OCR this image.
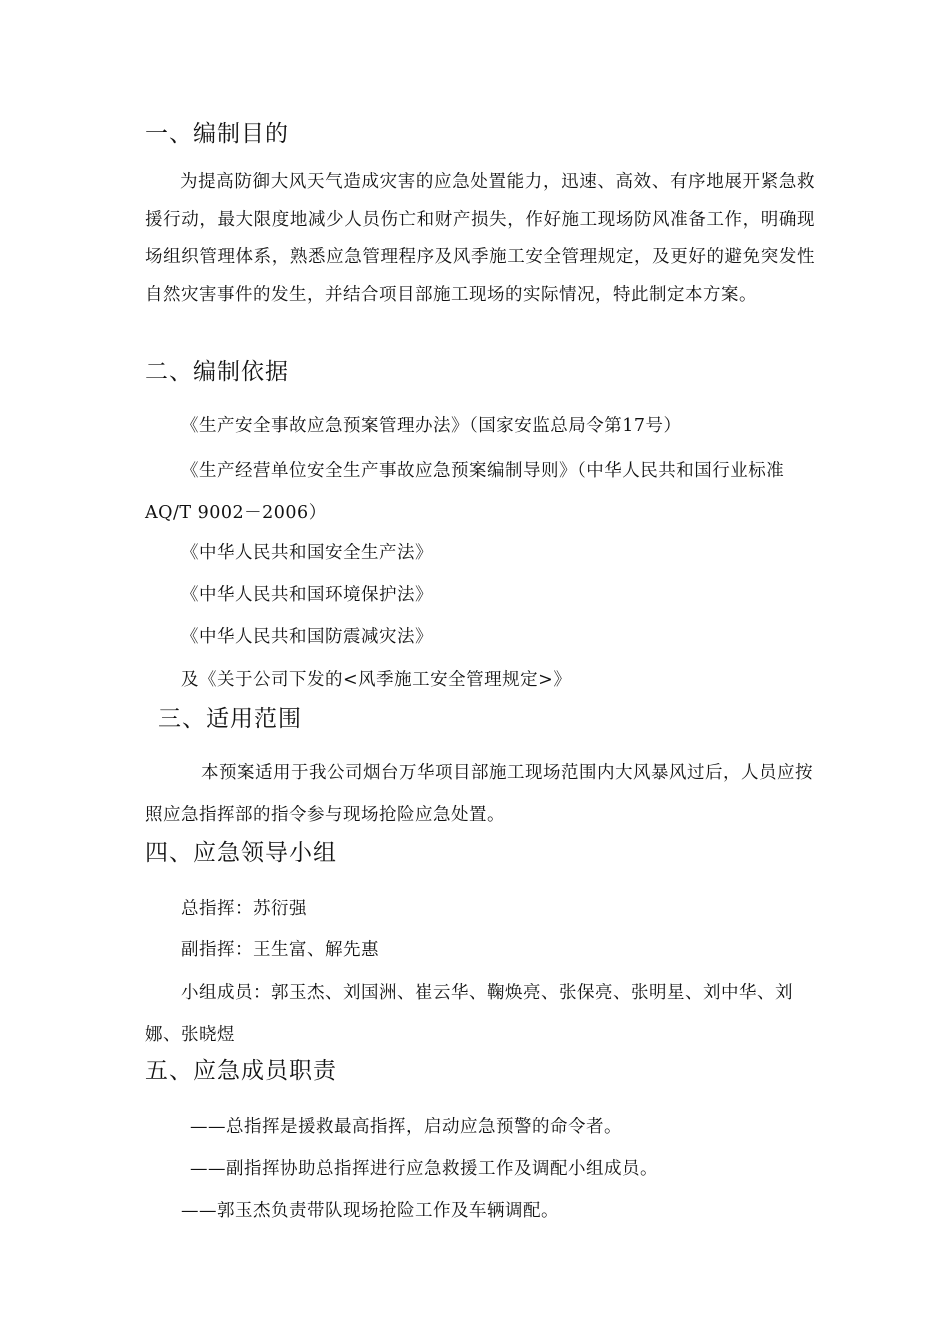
一、编制目的
为提高防御大风天气造成灾害的应急处置能力，迅速、高效、有序地展开紧急救援行动，最大限度地减少人员伤亡和财产损失，作好施工现场防风准备工作，明确现场组织管理体系，熟悉应急管理程序及风季施工安全管理规定，及更好的避免突发性自然灾害事件的发生，并结合项目部施工现场的实际情况，特此制定本方案。
二、编制依据
《生产安全事故应急预案管理办法》（国家安监总局令第17号）
《生产经营单位安全生产事故应急预案编制导则》（中华人民共和国行业标准 AQ/T 9002－2006）
《中华人民共和国安全生产法》
《中华人民共和国环境保护法》
《中华人民共和国防震减灾法》
及《关于公司下发的<风季施工安全管理规定>》
三、适用范围
本预案适用于我公司烟台万华项目部施工现场范围内大风暴风过后，人员应按照应急指挥部的指令参与现场抢险应急处置。
四、应急领导小组
总指挥：苏衍强
副指挥：王生富、解先惠
小组成员：郭玉杰、刘国洲、崔云华、鞠焕亮、张保亮、张明星、刘中华、刘娜、张晓煜
五、应急成员职责
——总指挥是援救最高指挥，启动应急预警的命令者。
——副指挥协助总指挥进行应急救援工作及调配小组成员。
——郭玉杰负责带队现场抢险工作及车辆调配。
